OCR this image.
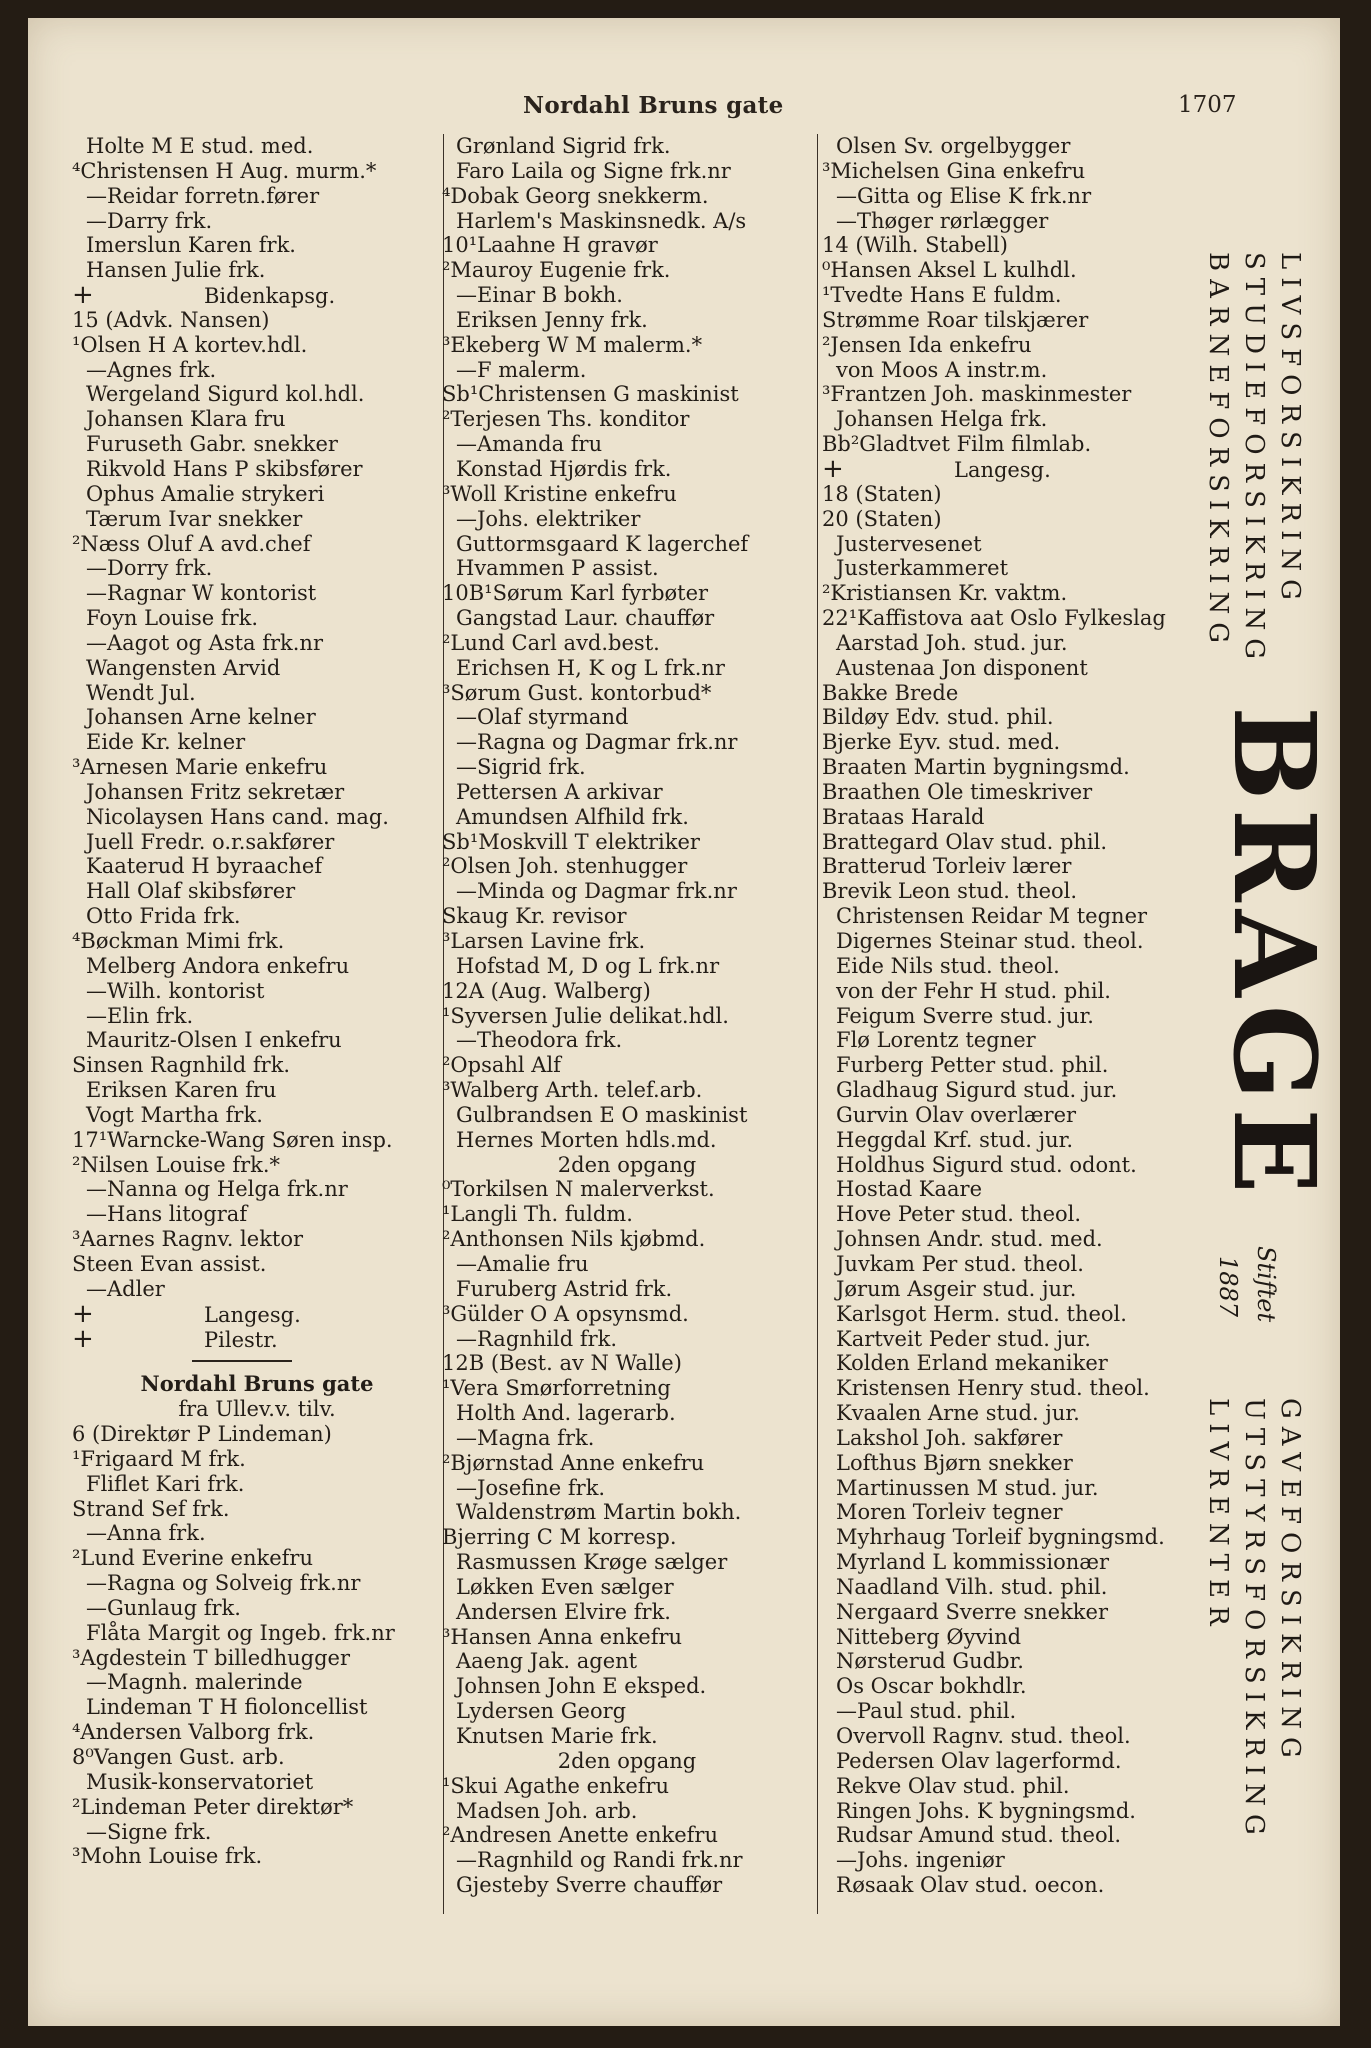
Nordahl Bruns gate	1707
Holte M E stud. med.
⁴Christensen H Aug. murm.*
—Reidar forretn.fører
—Darry frk.
Imerslun Karen frk.
Hansen Julie frk.
+	Bidenkapsg.
15 (Advk. Nansen)
¹Olsen H A kortev.hdl.
—Agnes frk.
Wergeland Sigurd kol.hdl.
Johansen Klara fru
Furuseth Gabr. snekker
Rikvold Hans P skibsfører
Ophus Amalie strykeri
Tærum Ivar snekker
²Næss Oluf A avd.chef
—Dorry frk.
—Ragnar W kontorist
Foyn Louise frk.
—Aagot og Asta frk.nr
Wangensten Arvid
Wendt Jul.
Johansen Arne kelner
Eide Kr. kelner
³Arnesen Marie enkefru
Johansen Fritz sekretær
Nicolaysen Hans cand. mag.
Juell Fredr. o.r.sakfører
Kaaterud H byraachef
Hall Olaf skibsfører
Otto Frida frk.
⁴Bøckman Mimi frk.
Melberg Andora enkefru
—Wilh. kontorist
—Elin frk.
Mauritz-Olsen I enkefru
Sinsen Ragnhild frk.
Eriksen Karen fru
Vogt Martha frk.
17¹Warncke-Wang Søren insp.
²Nilsen Louise frk.*
—Nanna og Helga frk.nr
—Hans litograf
³Aarnes Ragnv. lektor
Steen Evan assist.
—Adler
+	Langesg.
+	Pilestr.
Nordahl Bruns gate
fra Ullev.v. tilv.
6 (Direktør P Lindeman)
¹Frigaard M frk.
Fliflet Kari frk.
Strand Sef frk.
—Anna frk.
²Lund Everine enkefru
—Ragna og Solveig frk.nr
—Gunlaug frk.
Flåta Margit og Ingeb. frk.nr
³Agdestein T billedhugger
—Magnh. malerinde
Lindeman T H fioloncellist
⁴Andersen Valborg frk.
8⁰Vangen Gust. arb.
Musik-konservatoriet
²Lindeman Peter direktør*
—Signe frk.
³Mohn Louise frk.
Grønland Sigrid frk.
Faro Laila og Signe frk.nr
⁴Dobak Georg snekkerm.
Harlem's Maskinsnedk. A/s
10¹Laahne H gravør
²Mauroy Eugenie frk.
—Einar B bokh.
Eriksen Jenny frk.
³Ekeberg W M malerm.*
—F malerm.
Sb¹Christensen G maskinist
²Terjesen Ths. konditor
—Amanda fru
Konstad Hjørdis frk.
³Woll Kristine enkefru
—Johs. elektriker
Guttormsgaard K lagerchef
Hvammen P assist.
10B¹Sørum Karl fyrbøter
Gangstad Laur. chauffør
²Lund Carl avd.best.
Erichsen H, K og L frk.nr
³Sørum Gust. kontorbud*
—Olaf styrmand
—Ragna og Dagmar frk.nr
—Sigrid frk.
Pettersen A arkivar
Amundsen Alfhild frk.
Sb¹Moskvill T elektriker
²Olsen Joh. stenhugger
—Minda og Dagmar frk.nr
Skaug Kr. revisor
³Larsen Lavine frk.
Hofstad M, D og L frk.nr
12A (Aug. Walberg)
¹Syversen Julie delikat.hdl.
—Theodora frk.
²Opsahl Alf
³Walberg Arth. telef.arb.
Gulbrandsen E O maskinist
Hernes Morten hdls.md.
2den opgang
⁰Torkilsen N malerverkst.
¹Langli Th. fuldm.
²Anthonsen Nils kjøbmd.
—Amalie fru
Furuberg Astrid frk.
³Gülder O A opsynsmd.
—Ragnhild frk.
12B (Best. av N Walle)
¹Vera Smørforretning
Holth And. lagerarb.
—Magna frk.
²Bjørnstad Anne enkefru
—Josefine frk.
Waldenstrøm Martin bokh.
Bjerring C M korresp.
Rasmussen Krøge sælger
Løkken Even sælger
Andersen Elvire frk.
³Hansen Anna enkefru
Aaeng Jak. agent
Johnsen John E eksped.
Lydersen Georg
Knutsen Marie frk.
2den opgang
¹Skui Agathe enkefru
Madsen Joh. arb.
²Andresen Anette enkefru
—Ragnhild og Randi frk.nr
Gjesteby Sverre chauffør
Olsen Sv. orgelbygger
³Michelsen Gina enkefru
—Gitta og Elise K frk.nr
—Thøger rørlægger
14 (Wilh. Stabell)
⁰Hansen Aksel L kulhdl.
¹Tvedte Hans E fuldm.
Strømme Roar tilskjærer
²Jensen Ida enkefru
von Moos A instr.m.
³Frantzen Joh. maskinmester
Johansen Helga frk.
Bb²Gladtvet Film filmlab.
+	Langesg.
18 (Staten)
20 (Staten)
Justervesenet
Justerkammeret
²Kristiansen Kr. vaktm.
22¹Kaffistova aat Oslo Fylkeslag
Aarstad Joh. stud. jur.
Austenaa Jon disponent
Bakke Brede
Bildøy Edv. stud. phil.
Bjerke Eyv. stud. med.
Braaten Martin bygningsmd.
Braathen Ole timeskriver
Brataas Harald
Brattegard Olav stud. phil.
Bratterud Torleiv lærer
Brevik Leon stud. theol.
Christensen Reidar M tegner
Digernes Steinar stud. theol.
Eide Nils stud. theol.
von der Fehr H stud. phil.
Feigum Sverre stud. jur.
Flø Lorentz tegner
Furberg Petter stud. phil.
Gladhaug Sigurd stud. jur.
Gurvin Olav overlærer
Heggdal Krf. stud. jur.
Holdhus Sigurd stud. odont.
Hostad Kaare
Hove Peter stud. theol.
Johnsen Andr. stud. med.
Juvkam Per stud. theol.
Jørum Asgeir stud. jur.
Karlsgot Herm. stud. theol.
Kartveit Peder stud. jur.
Kolden Erland mekaniker
Kristensen Henry stud. theol.
Kvaalen Arne stud. jur.
Lakshol Joh. sakfører
Lofthus Bjørn snekker
Martinussen M stud. jur.
Moren Torleiv tegner
Myhrhaug Torleif bygningsmd.
Myrland L kommissionær
Naadland Vilh. stud. phil.
Nergaard Sverre snekker
Nitteberg Øyvind
Nørsterud Gudbr.
Os Oscar bokhdlr.
—Paul stud. phil.
Overvoll Ragnv. stud. theol.
Pedersen Olav lagerformd.
Rekve Olav stud. phil.
Ringen Johs. K bygningsmd.
Rudsar Amund stud. theol.
—Johs. ingeniør
Røsaak Olav stud. oecon.
LIVSFORSIKRING
STUDIEFORSIKRING
BARNEFORSIKRING
BRAGE
Stiftet
1887
GAVEFORSIKRING
UTSTYRSFORSIKRING
LIVRENTER
